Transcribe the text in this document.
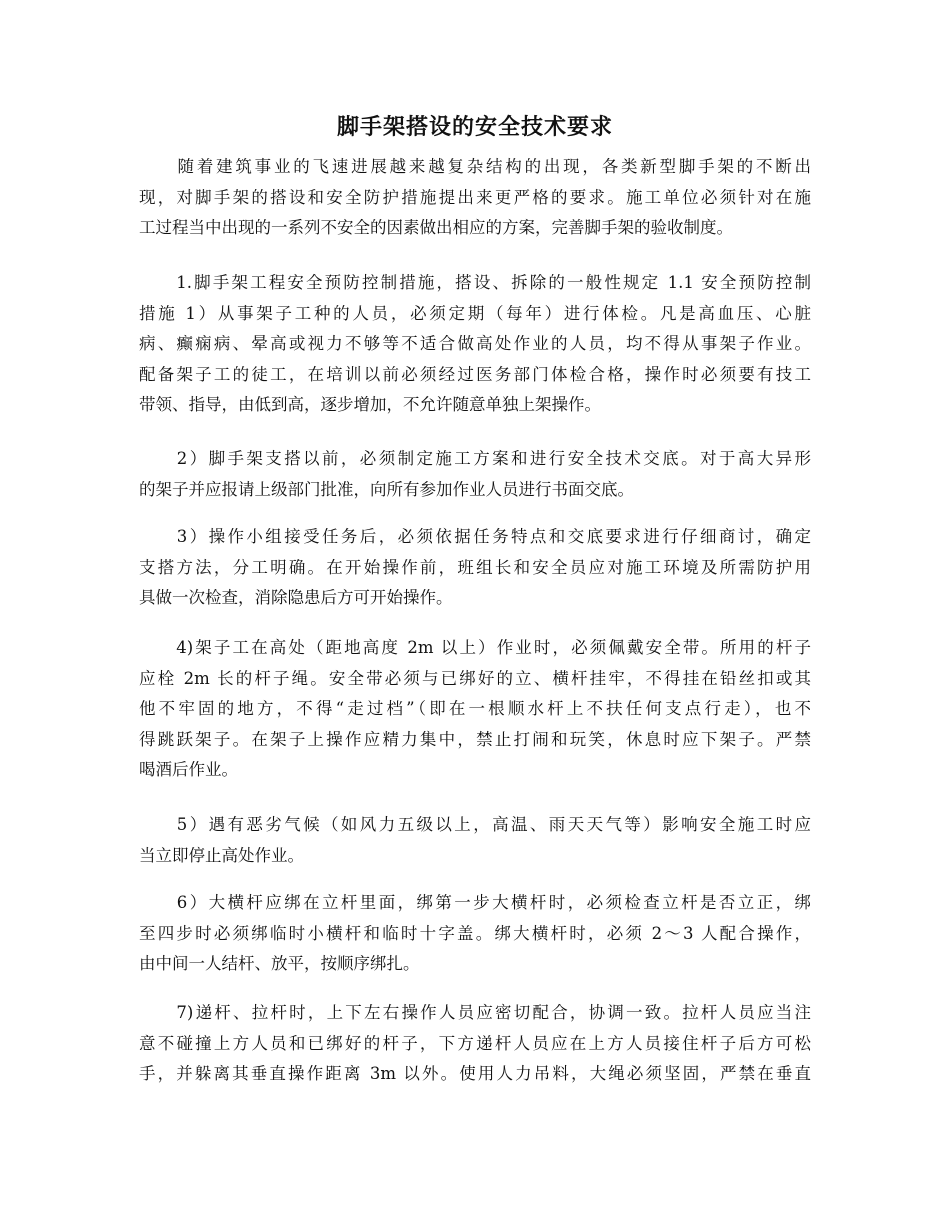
脚手架搭设的安全技术要求

　　随着建筑事业的飞速进展越来越复杂结构的出现，各类新型脚手架的不断出
现，对脚手架的搭设和安全防护措施提出来更严格的要求。施工单位必须针对在施
工过程当中出现的一系列不安全的因素做出相应的方案，完善脚手架的验收制度。

　　1.脚手架工程安全预防控制措施，搭设、拆除的一般性规定 1.1 安全预防控制
措施 1）从事架子工种的人员，必须定期（每年）进行体检。凡是高血压、心脏
病、癫痫病、晕高或视力不够等不适合做高处作业的人员，均不得从事架子作业。
配备架子工的徒工，在培训以前必须经过医务部门体检合格，操作时必须要有技工
带领、指导，由低到高，逐步增加，不允许随意单独上架操作。

　　2）脚手架支搭以前，必须制定施工方案和进行安全技术交底。对于高大异形
的架子并应报请上级部门批准，向所有参加作业人员进行书面交底。

　　3）操作小组接受任务后，必须依据任务特点和交底要求进行仔细商讨，确定
支搭方法，分工明确。在开始操作前，班组长和安全员应对施工环境及所需防护用
具做一次检查，消除隐患后方可开始操作。

　　4)架子工在高处（距地高度 2m 以上）作业时，必须佩戴安全带。所用的杆子
应栓 2m 长的杆子绳。安全带必须与已绑好的立、横杆挂牢，不得挂在铅丝扣或其
他不牢固的地方，不得“走过档”（即在一根顺水杆上不扶任何支点行走），也不
得跳跃架子。在架子上操作应精力集中，禁止打闹和玩笑，休息时应下架子。严禁
喝酒后作业。

　　5）遇有恶劣气候（如风力五级以上，高温、雨天天气等）影响安全施工时应
当立即停止高处作业。

　　6）大横杆应绑在立杆里面，绑第一步大横杆时，必须检查立杆是否立正，绑
至四步时必须绑临时小横杆和临时十字盖。绑大横杆时，必须 2～3 人配合操作，
由中间一人结杆、放平，按顺序绑扎。

　　7)递杆、拉杆时，上下左右操作人员应密切配合，协调一致。拉杆人员应当注
意不碰撞上方人员和已绑好的杆子，下方递杆人员应在上方人员接住杆子后方可松
手，并躲离其垂直操作距离 3m 以外。使用人力吊料，大绳必须坚固，严禁在垂直
